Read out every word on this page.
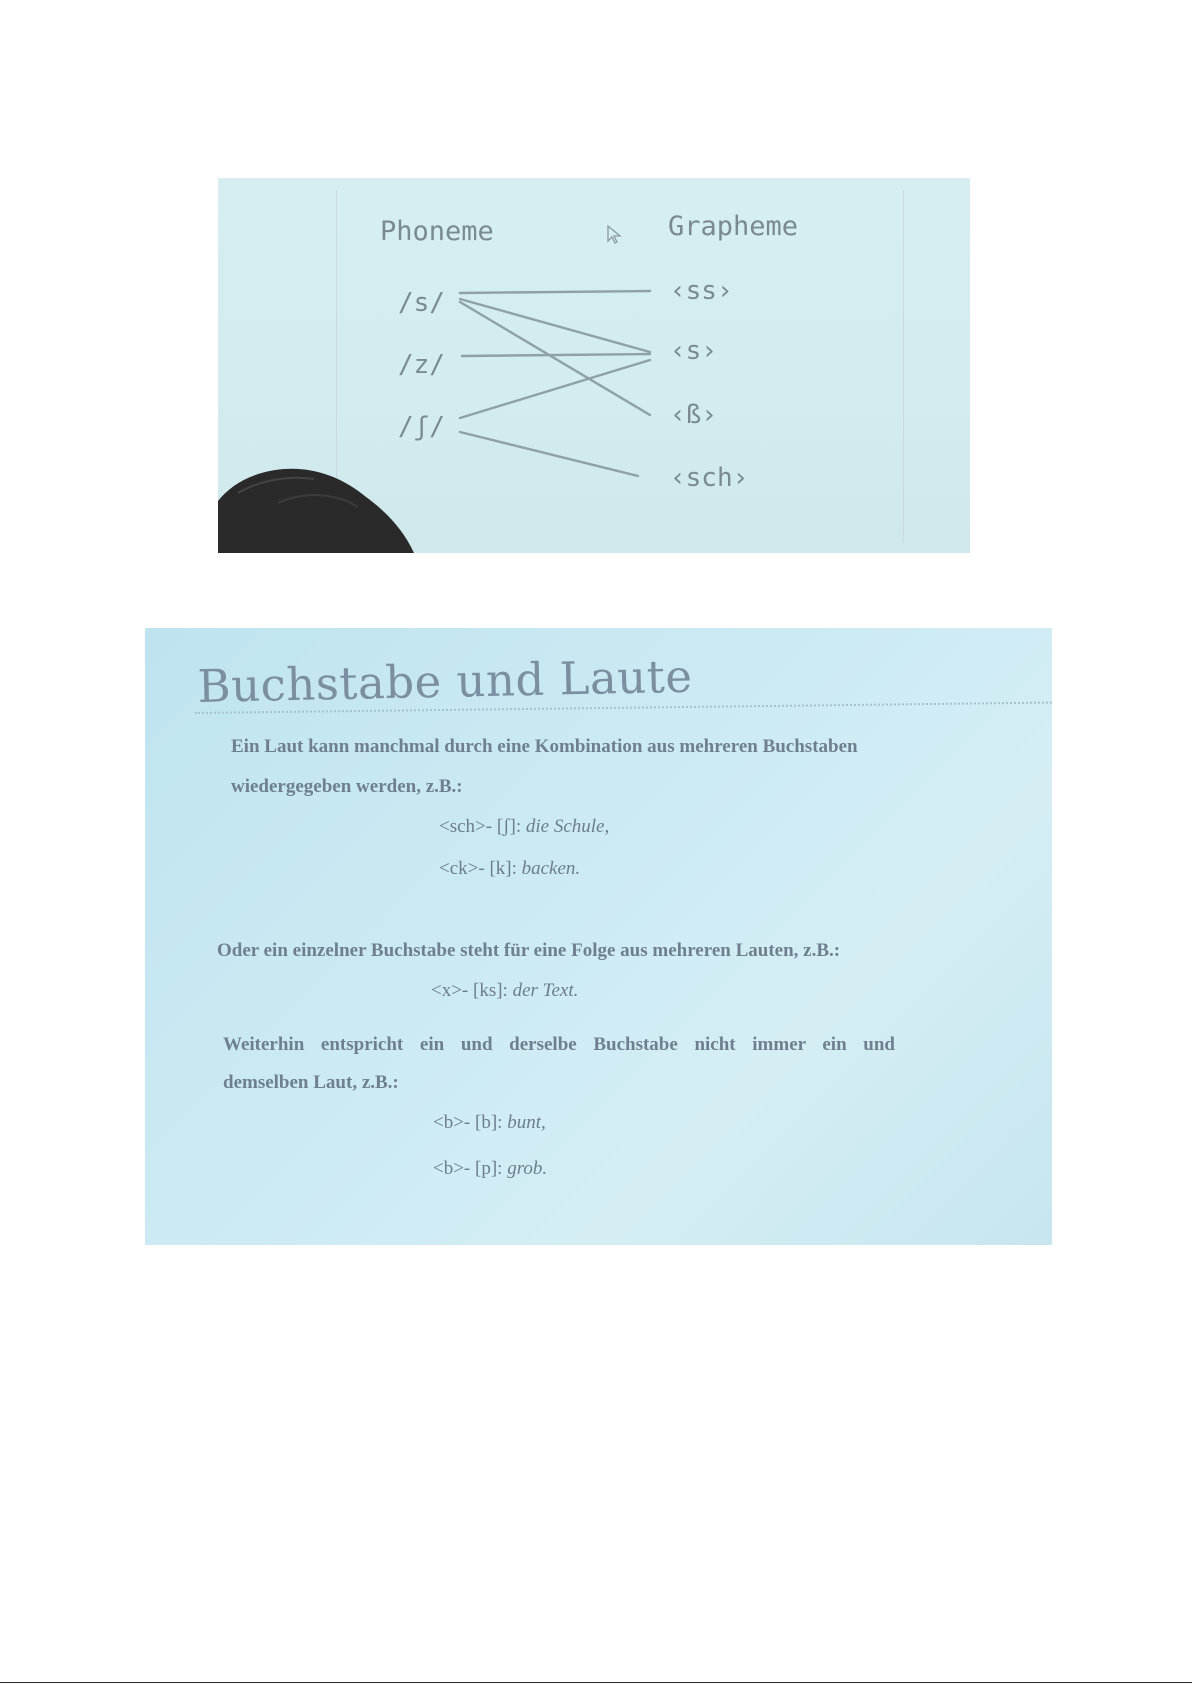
Phoneme	Grapheme
/s/
/z/
/ʃ/
‹ss›
‹s›
‹ß›
‹sch›
Buchstabe und Laute
Ein Laut kann manchmal durch eine Kombination aus mehreren Buchstaben
wiedergegeben werden, z.B.:
<sch>- [ʃ]: die Schule,
<ck>- [k]: backen.
Oder ein einzelner Buchstabe steht für eine Folge aus mehreren Lauten, z.B.:
<x>- [ks]: der Text.
Weiterhin entspricht ein und derselbe Buchstabe nicht immer ein und
demselben Laut, z.B.:
<b>- [b]: bunt,
<b>- [p]: grob.
